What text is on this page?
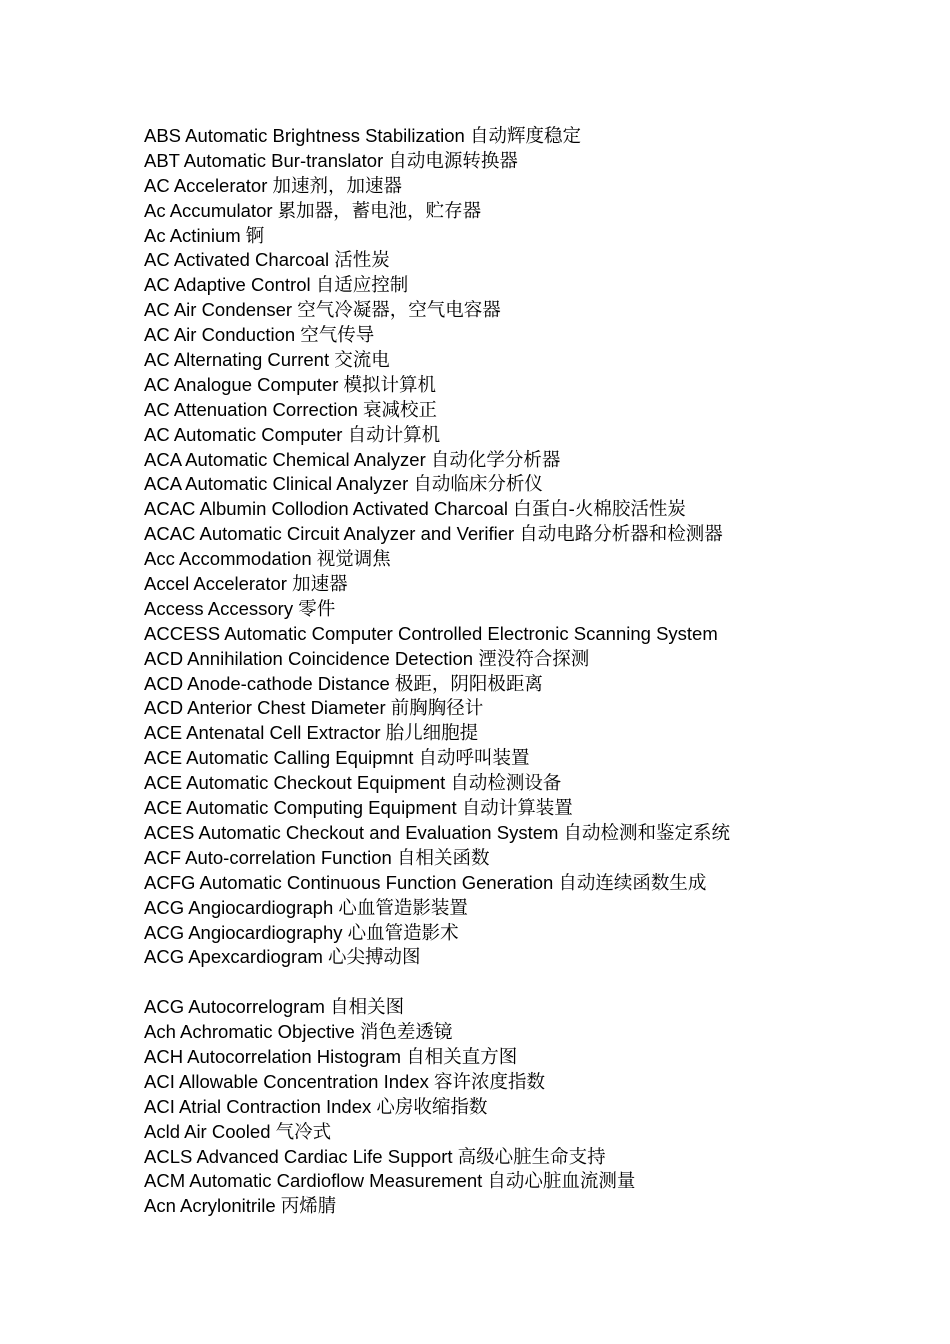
ABS Automatic Brightness Stabilization 自动辉度稳定
ABT Automatic Bur-translator 自动电源转换器
AC Accelerator 加速剂，加速器
Ac Accumulator 累加器，蓄电池，贮存器
Ac Actinium 锕
AC Activated Charcoal 活性炭
AC Adaptive Control 自适应控制
AC Air Condenser 空气冷凝器，空气电容器
AC Air Conduction 空气传导
AC Alternating Current 交流电
AC Analogue Computer 模拟计算机
AC Attenuation Correction 衰减校正
AC Automatic Computer 自动计算机
ACA Automatic Chemical Analyzer 自动化学分析器
ACA Automatic Clinical Analyzer 自动临床分析仪
ACAC Albumin Collodion Activated Charcoal 白蛋白-火棉胶活性炭
ACAC Automatic Circuit Analyzer and Verifier 自动电路分析器和检测器
Acc Accommodation 视觉调焦
Accel Accelerator 加速器
Access Accessory 零件
ACCESS Automatic Computer Controlled Electronic Scanning System
ACD Annihilation Coincidence Detection 湮没符合探测
ACD Anode-cathode Distance 极距，阴阳极距离
ACD Anterior Chest Diameter 前胸胸径计
ACE Antenatal Cell Extractor 胎儿细胞提
ACE Automatic Calling Equipmnt 自动呼叫装置
ACE Automatic Checkout Equipment 自动检测设备
ACE Automatic Computing Equipment 自动计算装置
ACES Automatic Checkout and Evaluation System 自动检测和鉴定系统
ACF Auto-correlation Function 自相关函数
ACFG Automatic Continuous Function Generation 自动连续函数生成
ACG Angiocardiograph 心血管造影装置
ACG Angiocardiography 心血管造影术
ACG Apexcardiogram 心尖搏动图
ACG Autocorrelogram 自相关图
Ach Achromatic Objective 消色差透镜
ACH Autocorrelation Histogram 自相关直方图
ACI Allowable Concentration Index 容许浓度指数
ACI Atrial Contraction Index 心房收缩指数
Acld Air Cooled 气冷式
ACLS Advanced Cardiac Life Support 高级心脏生命支持
ACM Automatic Cardioflow Measurement 自动心脏血流测量
Acn Acrylonitrile 丙烯腈
